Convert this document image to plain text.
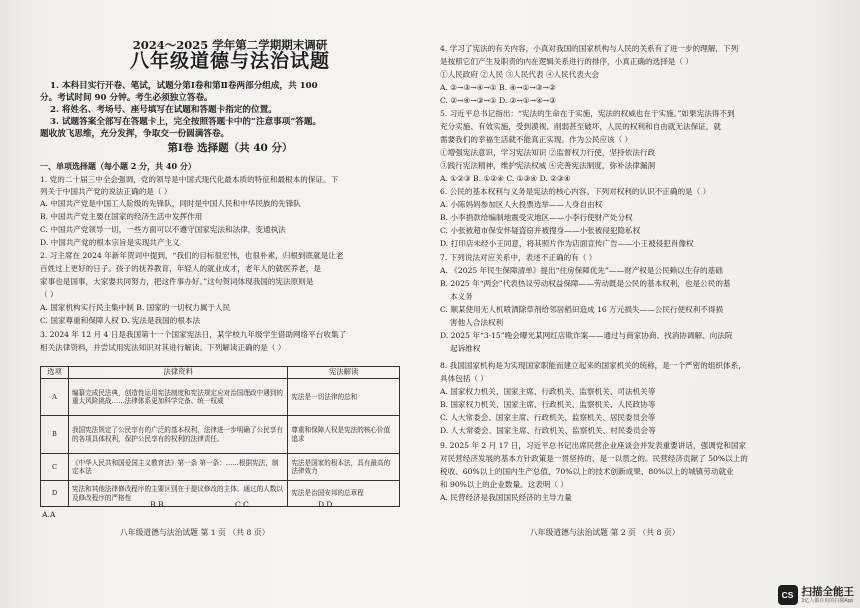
2024～2025 学年第二学期期末调研
八年级道德与法治试题
1. 本科目实行开卷、笔试，试题分第Ⅰ卷和第Ⅱ卷两部分组成，共 100
分。考试时间 90 分钟。考生必须独立答卷。
2. 将姓名、考场号、座号填写在试题和答题卡指定的位置。
3. 试题答案全部写在答题卡上，完全按照答题卡中的“注意事项”答题。
题收放飞思维，充分发挥，争取交一份圆满答卷。
第Ⅰ卷 选择题（共 40 分）
一、单项选择题（每小题 2 分，共 40 分）
1. 党的二十届三中全会强调，党的领导是中国式现代化最本质的特征和最根本的保证。下
列关于中国共产党的说法正确的是（ ）
A. 中国共产党是中国工人阶级的先锋队，同时是中国人民和中华民族的先锋队
B. 中国共产党主要在国家的经济生活中发挥作用
C. 中国共产党领导一切，一些方面可以不遵守国家宪法和法律，变通执法
D. 中国共产党的根本宗旨是实现共产主义
2. 习主席在 2024 年新年贺词中提到，“我们的目标很宏伟，也很朴素，归根到底就是让老
百姓过上更好的日子。孩子的抚养教育，年轻人的就业成才，老年人的就医养老，是
家事也是国事，大家要共同努力，把这件事办好。”这句贺词体现我国的宪法原则是
（ ）
A. 国家机构实行民主集中制 B. 国家的一切权力属于人民
C. 国家尊重和保障人权 D. 宪法是我国的根本法
3. 2024 年 12 月 4 日是我国第十一个国家宪法日，某学校九年级学生借助网络平台收集了
相关法律资料，并尝试用宪法知识对其进行解读。下列解读正确的是（ ）
选项	法律资料	宪法解读
A	编纂完成民法典，创造性运用宪法制度和宪法规定应对治国理政中遇到的重大风险挑战……法律体系更加科学完备、统一权威	宪法是一切法律的总和
B	我国宪法规定了公民享有的广泛的基本权利，法律进一步明确了公民享有的各项具体权利，保护公民享有的权利的法律责任。	尊重和保障人权是宪法的核心价值追求
C	《中华人民共和国爱国主义教育法》第一条 第一条：……根据宪法，制定本法	宪法是国家的根本法，具有最高的法律效力
D	宪法和其他法律修改程序的主要区别在于提议修改的主体、通过的人数以及修改程序的严格性	宪法是治国安邦的总章程
A.A
B.B	C.C	D.D
八年级道德与法治试题 第 1 页 （共 8 页）
4. 学习了宪法的有关内容，小真对我国的国家机构与人民的关系有了进一步的理解，下列
是按照它们产生及职责的内在逻辑关系进行的排序，小真正确的选择是（ ）
①人民政府 ②人民 ③人民代表 ④人民代表大会
A. ②→③→④→① B. ④→①→③→②
C. ②→④→③→① D. ②→①→④→③
5. 习近平总书记指出：“宪法的生命在于实施，宪法的权威也在于实施。”如果宪法得不到
充分实施、有效实施，受到漠视、削弱甚至破坏，人民的权利和自由就无法保证，就
需要我们的幸福生活就不能真正实现。作为公民应该（ ）
①增强宪法意识，学习宪法知识 ②监督权力行使，坚持依法行政
③践行宪法精神，维护宪法权威 ④完善宪法制度，弥补法律漏洞
A. ①②③ B. ①②④ C. ①③④ D. ②③④
6. 公民的基本权利与义务是宪法的核心内容。下列对权利的认识不正确的是（ ）
A. 小陈妈妈参加区人大投票选举——人身自由权
B. 小李捐款给编制地震受灾地区——小李行使财产处分权
C. 小张被超市保安怀疑盗窃并被搜身——小张被侵犯隐私权
D. 打印店未经小王同意，将其照片作为店面宣传广告——小王被侵犯肖像权
7. 下列说法对应关系中，表述不正确的有（ ）
A. 《2025 年民生保障清单》提出“住房保障优先”——财产权是公民赖以生存的基础
B. 2025 年“两会”代表热议劳动权益保障——劳动既是公民的基本权利，也是公民的基
本义务
C. 顺某使用无人机喷洒除草剂给邻居稻田造成 16 万元损失——公民行使权利不得损
害他人合法权利
D. 2025 年“3·15”晚会曝光某网红店欺诈案——通过与商家协商、找消协调解、向法院
起诉维权
8. 我国国家机构是为实现国家职能而建立起来的国家机关的统称，是一个严密的组织体系，
具体包括（ ）
A. 国家权力机关、国家主席、行政机关、监察机关、司法机关等
B. 国家权力机关、国家主席、行政机关、监察机关、人民政协等
C. 人大常委会、国家主席、行政机关、监察机关、居民委员会等
D. 人大常委会、国家主席、行政机关、监察机关、村民委员会等
9. 2025 年 2 月 17 日，习近平总书记出席民营企业座谈会并发表重要讲话，强调党和国家
对民营经济发展的基本方针政策是一贯坚持的、是一以贯之的。民营经济贡献了 50%以上的
税收、60%以上的国内生产总值、70%以上的技术创新成果、80%以上的城镇劳动就业
和 90%以上的企业数量。这表明（ ）
A. 民营经济是我国国民经济的主导力量
八年级道德与法治试题 第 2 页 （共 8 页）
CS 扫描全能王
3亿人都在用的扫描App
